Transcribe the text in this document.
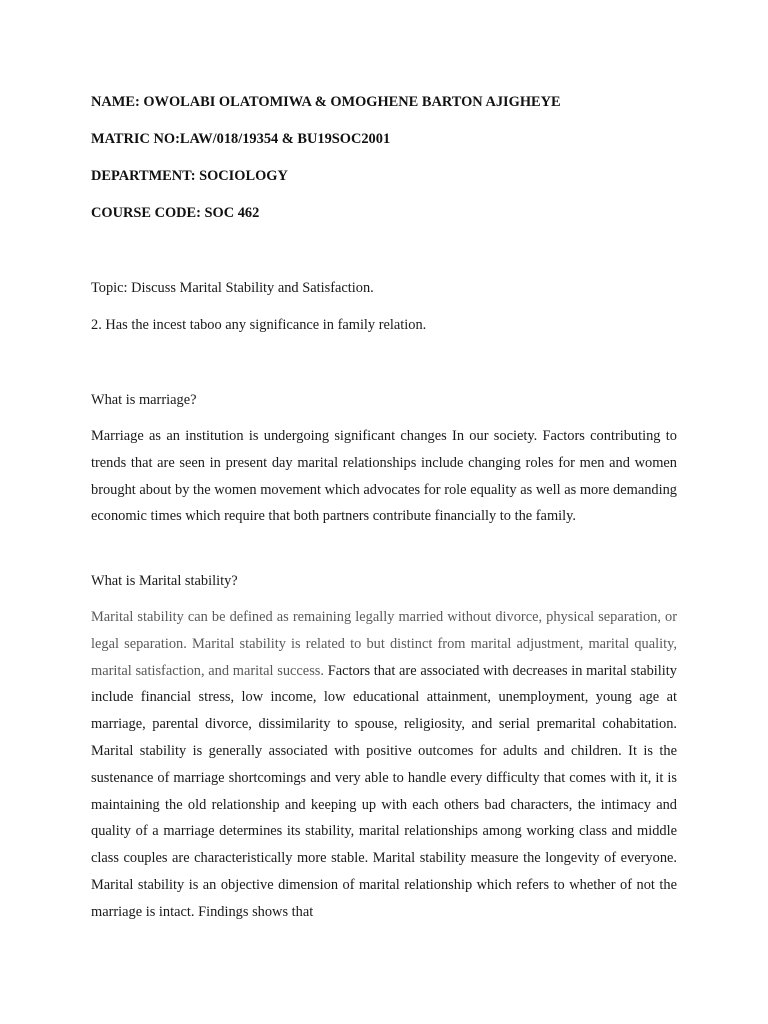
NAME: OWOLABI OLATOMIWA & OMOGHENE BARTON AJIGHEYE
MATRIC NO:LAW/018/19354 & BU19SOC2001
DEPARTMENT: SOCIOLOGY
COURSE CODE: SOC 462
Topic: Discuss Marital Stability and Satisfaction.
2. Has the incest taboo any significance in family relation.
What is marriage?
Marriage as an institution is undergoing significant changes In our society. Factors contributing to trends that are seen in present day marital relationships include changing roles for men and women brought about by the women movement which advocates for role equality as well as more demanding economic times which require that both partners contribute financially to the family.
What is Marital stability?
Marital stability can be defined as remaining legally married without divorce, physical separation, or legal separation. Marital stability is related to but distinct from marital adjustment, marital quality, marital satisfaction, and marital success. Factors that are associated with decreases in marital stability include financial stress, low income, low educational attainment, unemployment, young age at marriage, parental divorce, dissimilarity to spouse, religiosity, and serial premarital cohabitation. Marital stability is generally associated with positive outcomes for adults and children. It is the sustenance of marriage shortcomings and very able to handle every difficulty that comes with it, it is maintaining the old relationship and keeping up with each others bad characters, the intimacy and quality of a marriage determines its stability, marital relationships among working class and middle class couples are characteristically more stable. Marital stability measure the longevity of everyone. Marital stability is an objective dimension of marital relationship which refers to whether of not the marriage is intact. Findings shows that
